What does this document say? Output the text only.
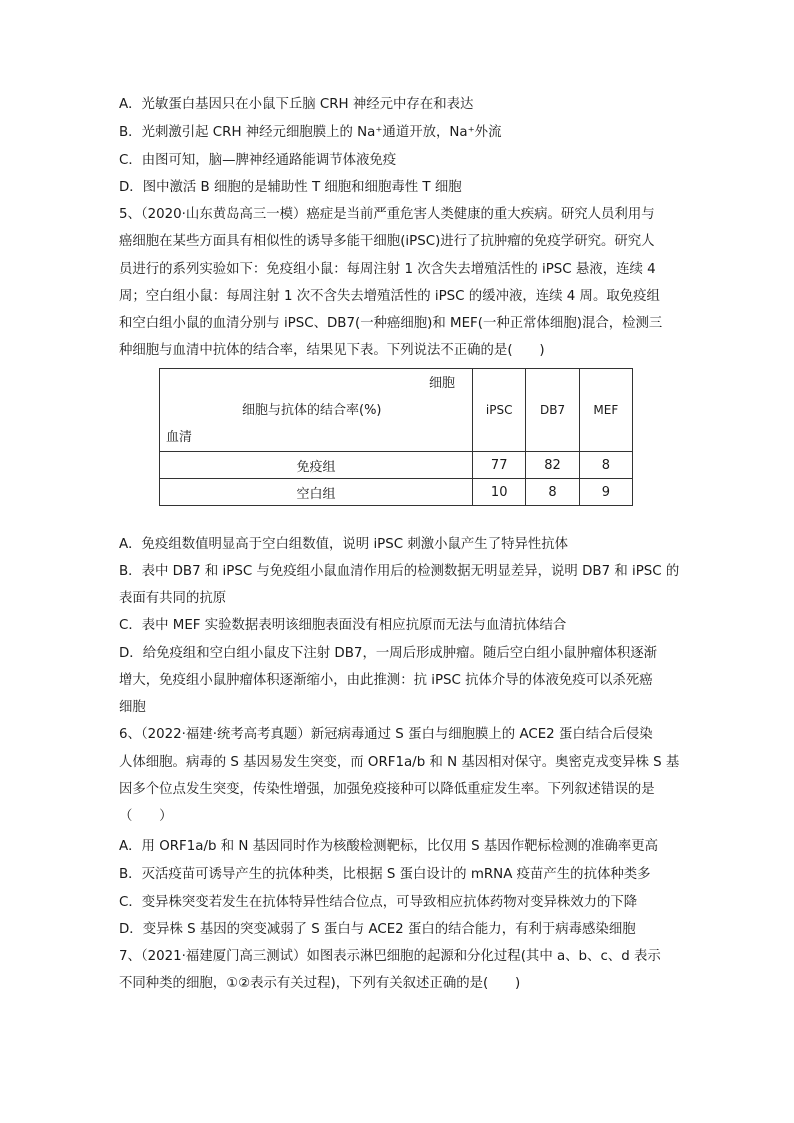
A．光敏蛋白基因只在小鼠下丘脑 CRH 神经元中存在和表达
B．光刺激引起 CRH 神经元细胞膜上的 Na⁺通道开放，Na⁺外流
C．由图可知，脑—脾神经通路能调节体液免疫
D．图中激活 B 细胞的是辅助性 T 细胞和细胞毒性 T 细胞
5、（2020·山东黄岛高三一模）癌症是当前严重危害人类健康的重大疾病。研究人员利用与
癌细胞在某些方面具有相似性的诱导多能干细胞(iPSC)进行了抗肿瘤的免疫学研究。研究人
员进行的系列实验如下：免疫组小鼠：每周注射 1 次含失去增殖活性的 iPSC 悬液，连续 4
周；空白组小鼠：每周注射 1 次不含失去增殖活性的 iPSC 的缓冲液，连续 4 周。取免疫组
和空白组小鼠的血清分别与 iPSC、DB7(一种癌细胞)和 MEF(一种正常体细胞)混合，检测三
种细胞与血清中抗体的结合率，结果见下表。下列说法不正确的是(　　)
细胞
细胞与抗体的结合率(%)
血清	iPSC	DB7	MEF
免疫组	77	82	8
空白组	10	8	9
A．免疫组数值明显高于空白组数值，说明 iPSC 刺激小鼠产生了特异性抗体
B．表中 DB7 和 iPSC 与免疫组小鼠血清作用后的检测数据无明显差异，说明 DB7 和 iPSC 的
表面有共同的抗原
C．表中 MEF 实验数据表明该细胞表面没有相应抗原而无法与血清抗体结合
D．给免疫组和空白组小鼠皮下注射 DB7，一周后形成肿瘤。随后空白组小鼠肿瘤体积逐渐
增大，免疫组小鼠肿瘤体积逐渐缩小，由此推测：抗 iPSC 抗体介导的体液免疫可以杀死癌
细胞
6、（2022·福建·统考高考真题）新冠病毒通过 S 蛋白与细胞膜上的 ACE2 蛋白结合后侵染
人体细胞。病毒的 S 基因易发生突变，而 ORF1a/b 和 N 基因相对保守。奥密克戎变异株 S 基
因多个位点发生突变，传染性增强，加强免疫接种可以降低重症发生率。下列叙述错误的是
（　　）
A．用 ORF1a/b 和 N 基因同时作为核酸检测靶标，比仅用 S 基因作靶标检测的准确率更高
B．灭活疫苗可诱导产生的抗体种类，比根据 S 蛋白设计的 mRNA 疫苗产生的抗体种类多
C．变异株突变若发生在抗体特异性结合位点，可导致相应抗体药物对变异株效力的下降
D．变异株 S 基因的突变减弱了 S 蛋白与 ACE2 蛋白的结合能力，有利于病毒感染细胞
7、（2021·福建厦门高三测试）如图表示淋巴细胞的起源和分化过程(其中 a、b、c、d 表示
不同种类的细胞，①②表示有关过程)，下列有关叙述正确的是(　　)
